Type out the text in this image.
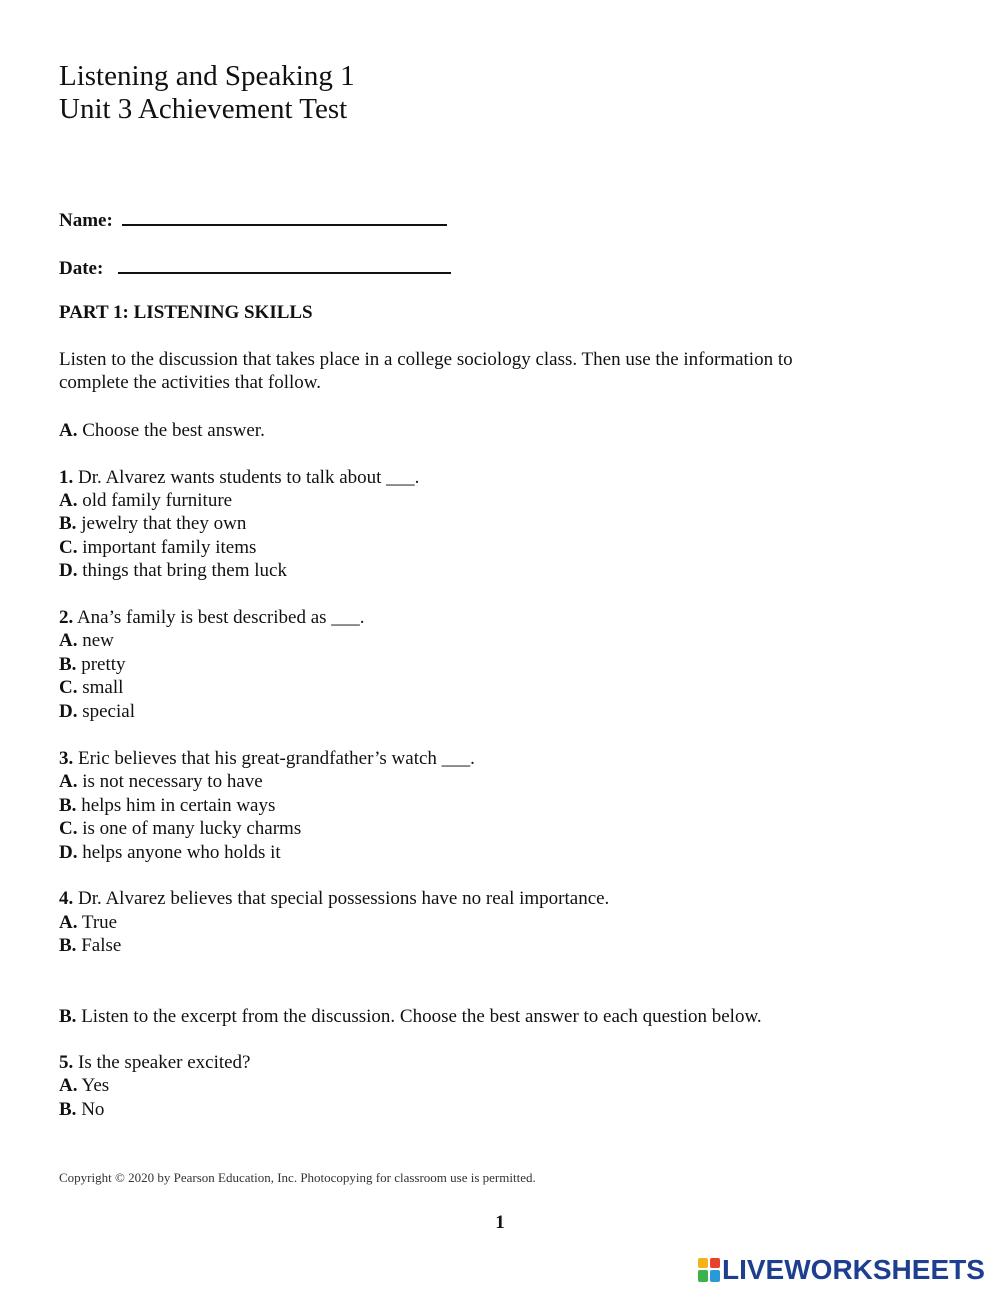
Listening and Speaking 1
Unit 3 Achievement Test
Name:
Date:
PART 1: LISTENING SKILLS
Listen to the discussion that takes place in a college sociology class. Then use the information to
complete the activities that follow.
A. Choose the best answer.
1. Dr. Alvarez wants students to talk about ___.
A. old family furniture
B. jewelry that they own
C. important family items
D. things that bring them luck
2. Ana’s family is best described as ___.
A. new
B. pretty
C. small
D. special
3. Eric believes that his great-grandfather’s watch ___.
A. is not necessary to have
B. helps him in certain ways
C. is one of many lucky charms
D. helps anyone who holds it
4. Dr. Alvarez believes that special possessions have no real importance.
A. True
B. False
B. Listen to the excerpt from the discussion. Choose the best answer to each question below.
5. Is the speaker excited?
A. Yes
B. No
Copyright © 2020 by Pearson Education, Inc. Photocopying for classroom use is permitted.
1
LIVEWORKSHEETS
